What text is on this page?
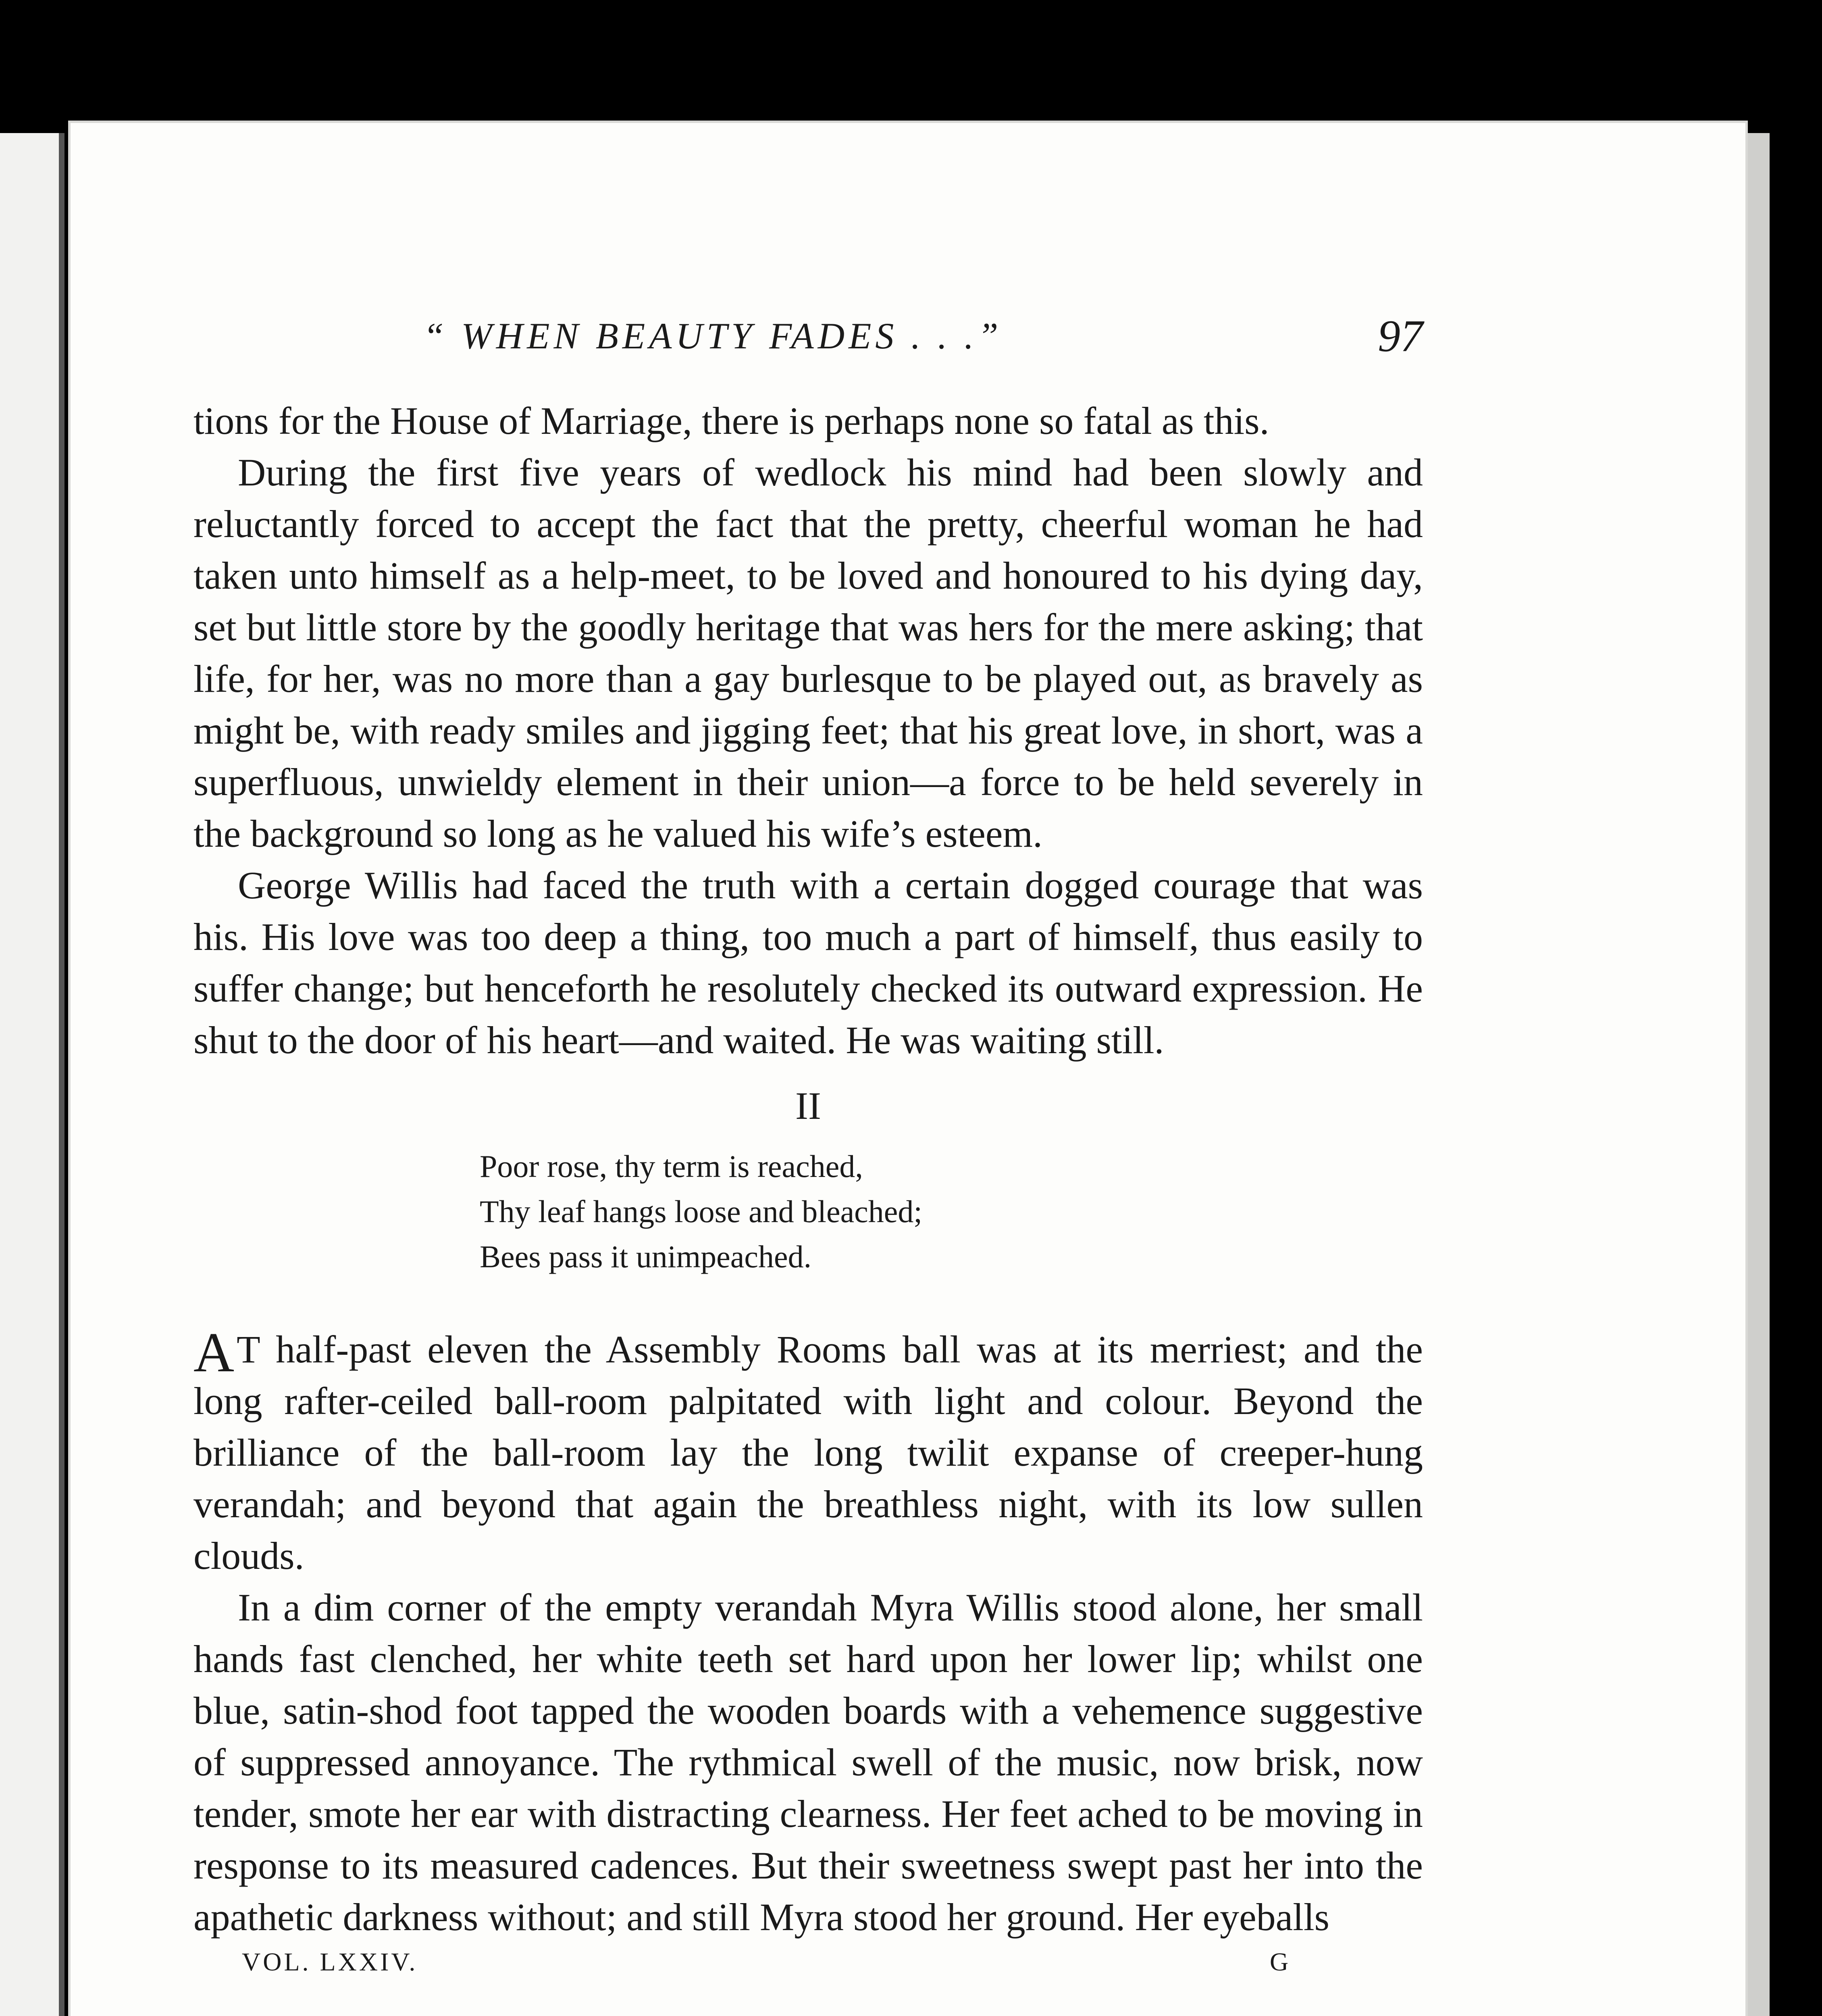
“ WHEN BEAUTY FADES . . .”	97

tions for the House of Marriage, there is perhaps none so fatal as this.

During the first five years of wedlock his mind had been slowly and reluctantly forced to accept the fact that the pretty, cheerful woman he had taken unto himself as a help-meet, to be loved and honoured to his dying day, set but little store by the goodly heritage that was hers for the mere asking; that life, for her, was no more than a gay burlesque to be played out, as bravely as might be, with ready smiles and jigging feet; that his great love, in short, was a superfluous, unwieldy element in their union—a force to be held severely in the background so long as he valued his wife’s esteem.

George Willis had faced the truth with a certain dogged courage that was his. His love was too deep a thing, too much a part of himself, thus easily to suffer change; but henceforth he resolutely checked its outward expression. He shut to the door of his heart—and waited. He was waiting still.

II
Poor rose, thy term is reached,
Thy leaf hangs loose and bleached;
Bees pass it unimpeached.

A T half-past eleven the Assembly Rooms ball was at its merriest; and the long rafter-ceiled ball-room palpitated with light and colour. Beyond the brilliance of the ball-room lay the long twilit expanse of creeper-hung verandah; and beyond that again the breathless night, with its low sullen clouds.

In a dim corner of the empty verandah Myra Willis stood alone, her small hands fast clenched, her white teeth set hard upon her lower lip; whilst one blue, satin-shod foot tapped the wooden boards with a vehemence suggestive of suppressed annoyance. The rythmical swell of the music, now brisk, now tender, smote her ear with distracting clearness. Her feet ached to be moving in response to its measured cadences. But their sweetness swept past her into the apathetic darkness without; and still Myra stood her ground. Her eyeballs

VOL. LXXIV.	G
